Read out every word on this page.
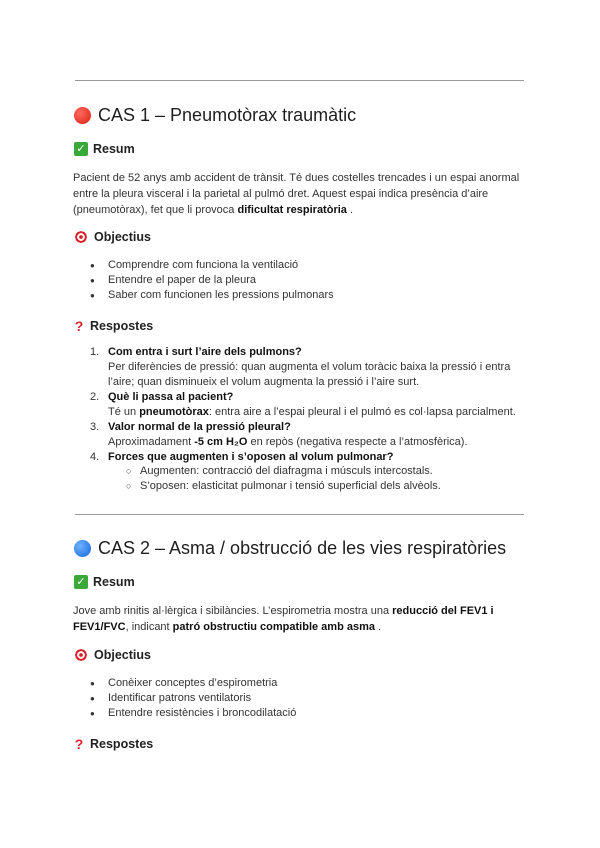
CAS 1 – Pneumotòrax traumàtic
✓ Resum
Pacient de 52 anys amb accident de trànsit. Té dues costelles trencades i un espai anormal entre la pleura visceral i la parietal al pulmó dret. Aquest espai indica presència d’aire (pneumotòrax), fet que li provoca dificultat respiratòria .
Objectius
● Comprendre com funciona la ventilació
● Entendre el paper de la pleura
● Saber com funcionen les pressions pulmonars
? Respostes
1. Com entra i surt l’aire dels pulmons?
Per diferències de pressió: quan augmenta el volum toràcic baixa la pressió i entra
l’aire; quan disminueix el volum augmenta la pressió i l’aire surt.
2. Què li passa al pacient?
Té un pneumotòrax: entra aire a l’espai pleural i el pulmó es col·lapsa parcialment.
3. Valor normal de la pressió pleural?
Aproximadament -5 cm H₂O en repòs (negativa respecte a l’atmosfèrica).
4. Forces que augmenten i s’oposen al volum pulmonar?
○ Augmenten: contracció del diafragma i músculs intercostals.
○ S’oposen: elasticitat pulmonar i tensió superficial dels alvèols.
CAS 2 – Asma / obstrucció de les vies respiratòries
✓ Resum
Jove amb rinitis al·lèrgica i sibilàncies. L’espirometria mostra una reducció del FEV1 i FEV1/FVC, indicant patró obstructiu compatible amb asma .
Objectius
● Conèixer conceptes d’espirometria
● Identificar patrons ventilatoris
● Entendre resistències i broncodilatació
? Respostes
